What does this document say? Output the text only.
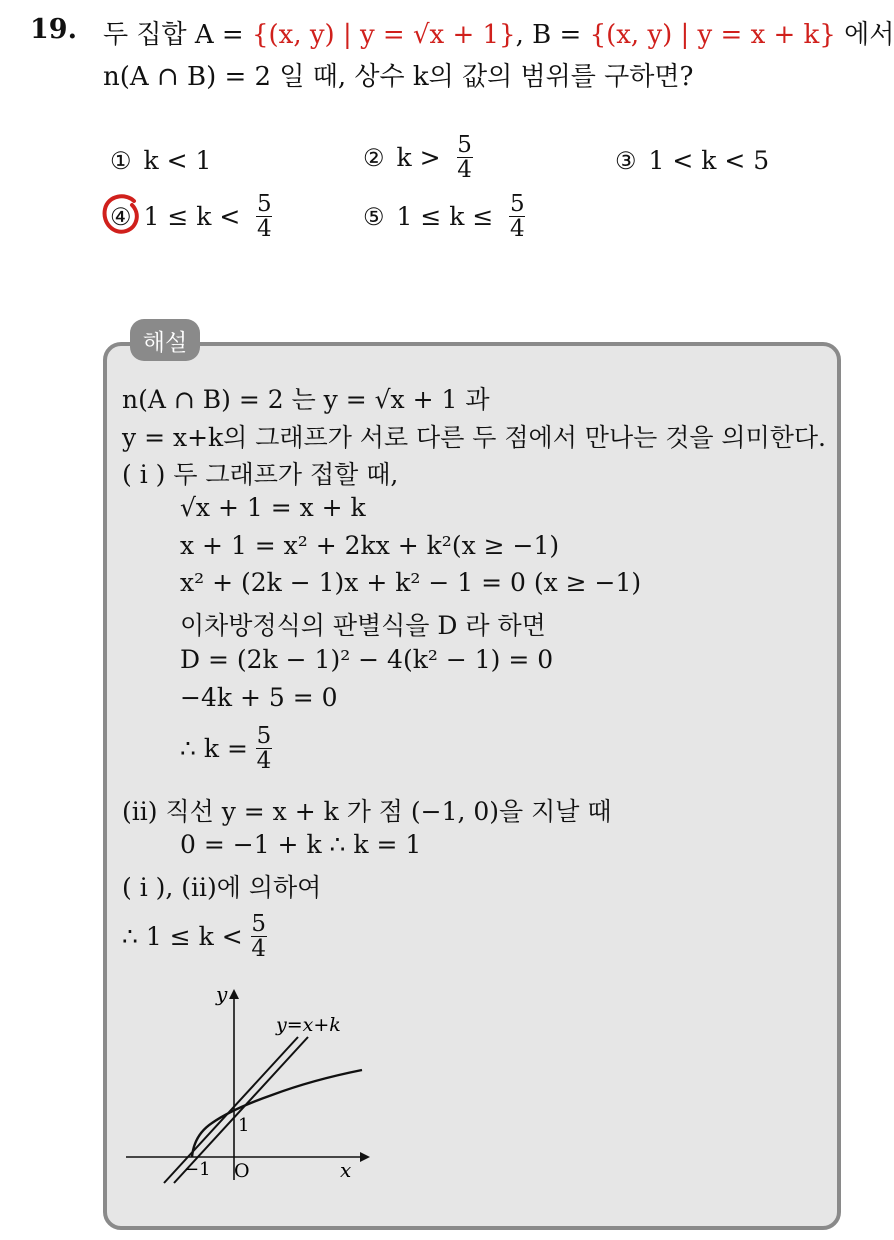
19. 두 집합 A = {(x, y) | y = √x + 1}, B = {(x, y) | y = x + k} 에서
n(A ∩ B) = 2 일 때, 상수 k의 값의 범위를 구하면?
① k < 1	② $k > \frac{5}{4}$	③ 1 < k < 5
④ $1 \le k < \frac{5}{4}$	⑤ $1 \le k \le \frac{5}{4}$
해설
n(A ∩ B) = 2 는 y = √x + 1 과
y = x+k의 그래프가 서로 다른 두 점에서 만나는 것을 의미한다.
( i ) 두 그래프가 접할 때,
√x + 1 = x + k
x + 1 = x² + 2kx + k²(x ≥ −1)
x² + (2k − 1)x + k² − 1 = 0 (x ≥ −1)
이차방정식의 판별식을 D 라 하면
D = (2k − 1)² − 4(k² − 1) = 0
−4k + 5 = 0
∴ $k = \frac{5}{4}$
(ii) 직선 y = x + k 가 점 (−1, 0)을 지날 때
0 = −1 + k ∴ k = 1
( i ), (ii)에 의하여
∴ $1 \le k < \frac{5}{4}$
y
x
O
1
−1
y=x+k
